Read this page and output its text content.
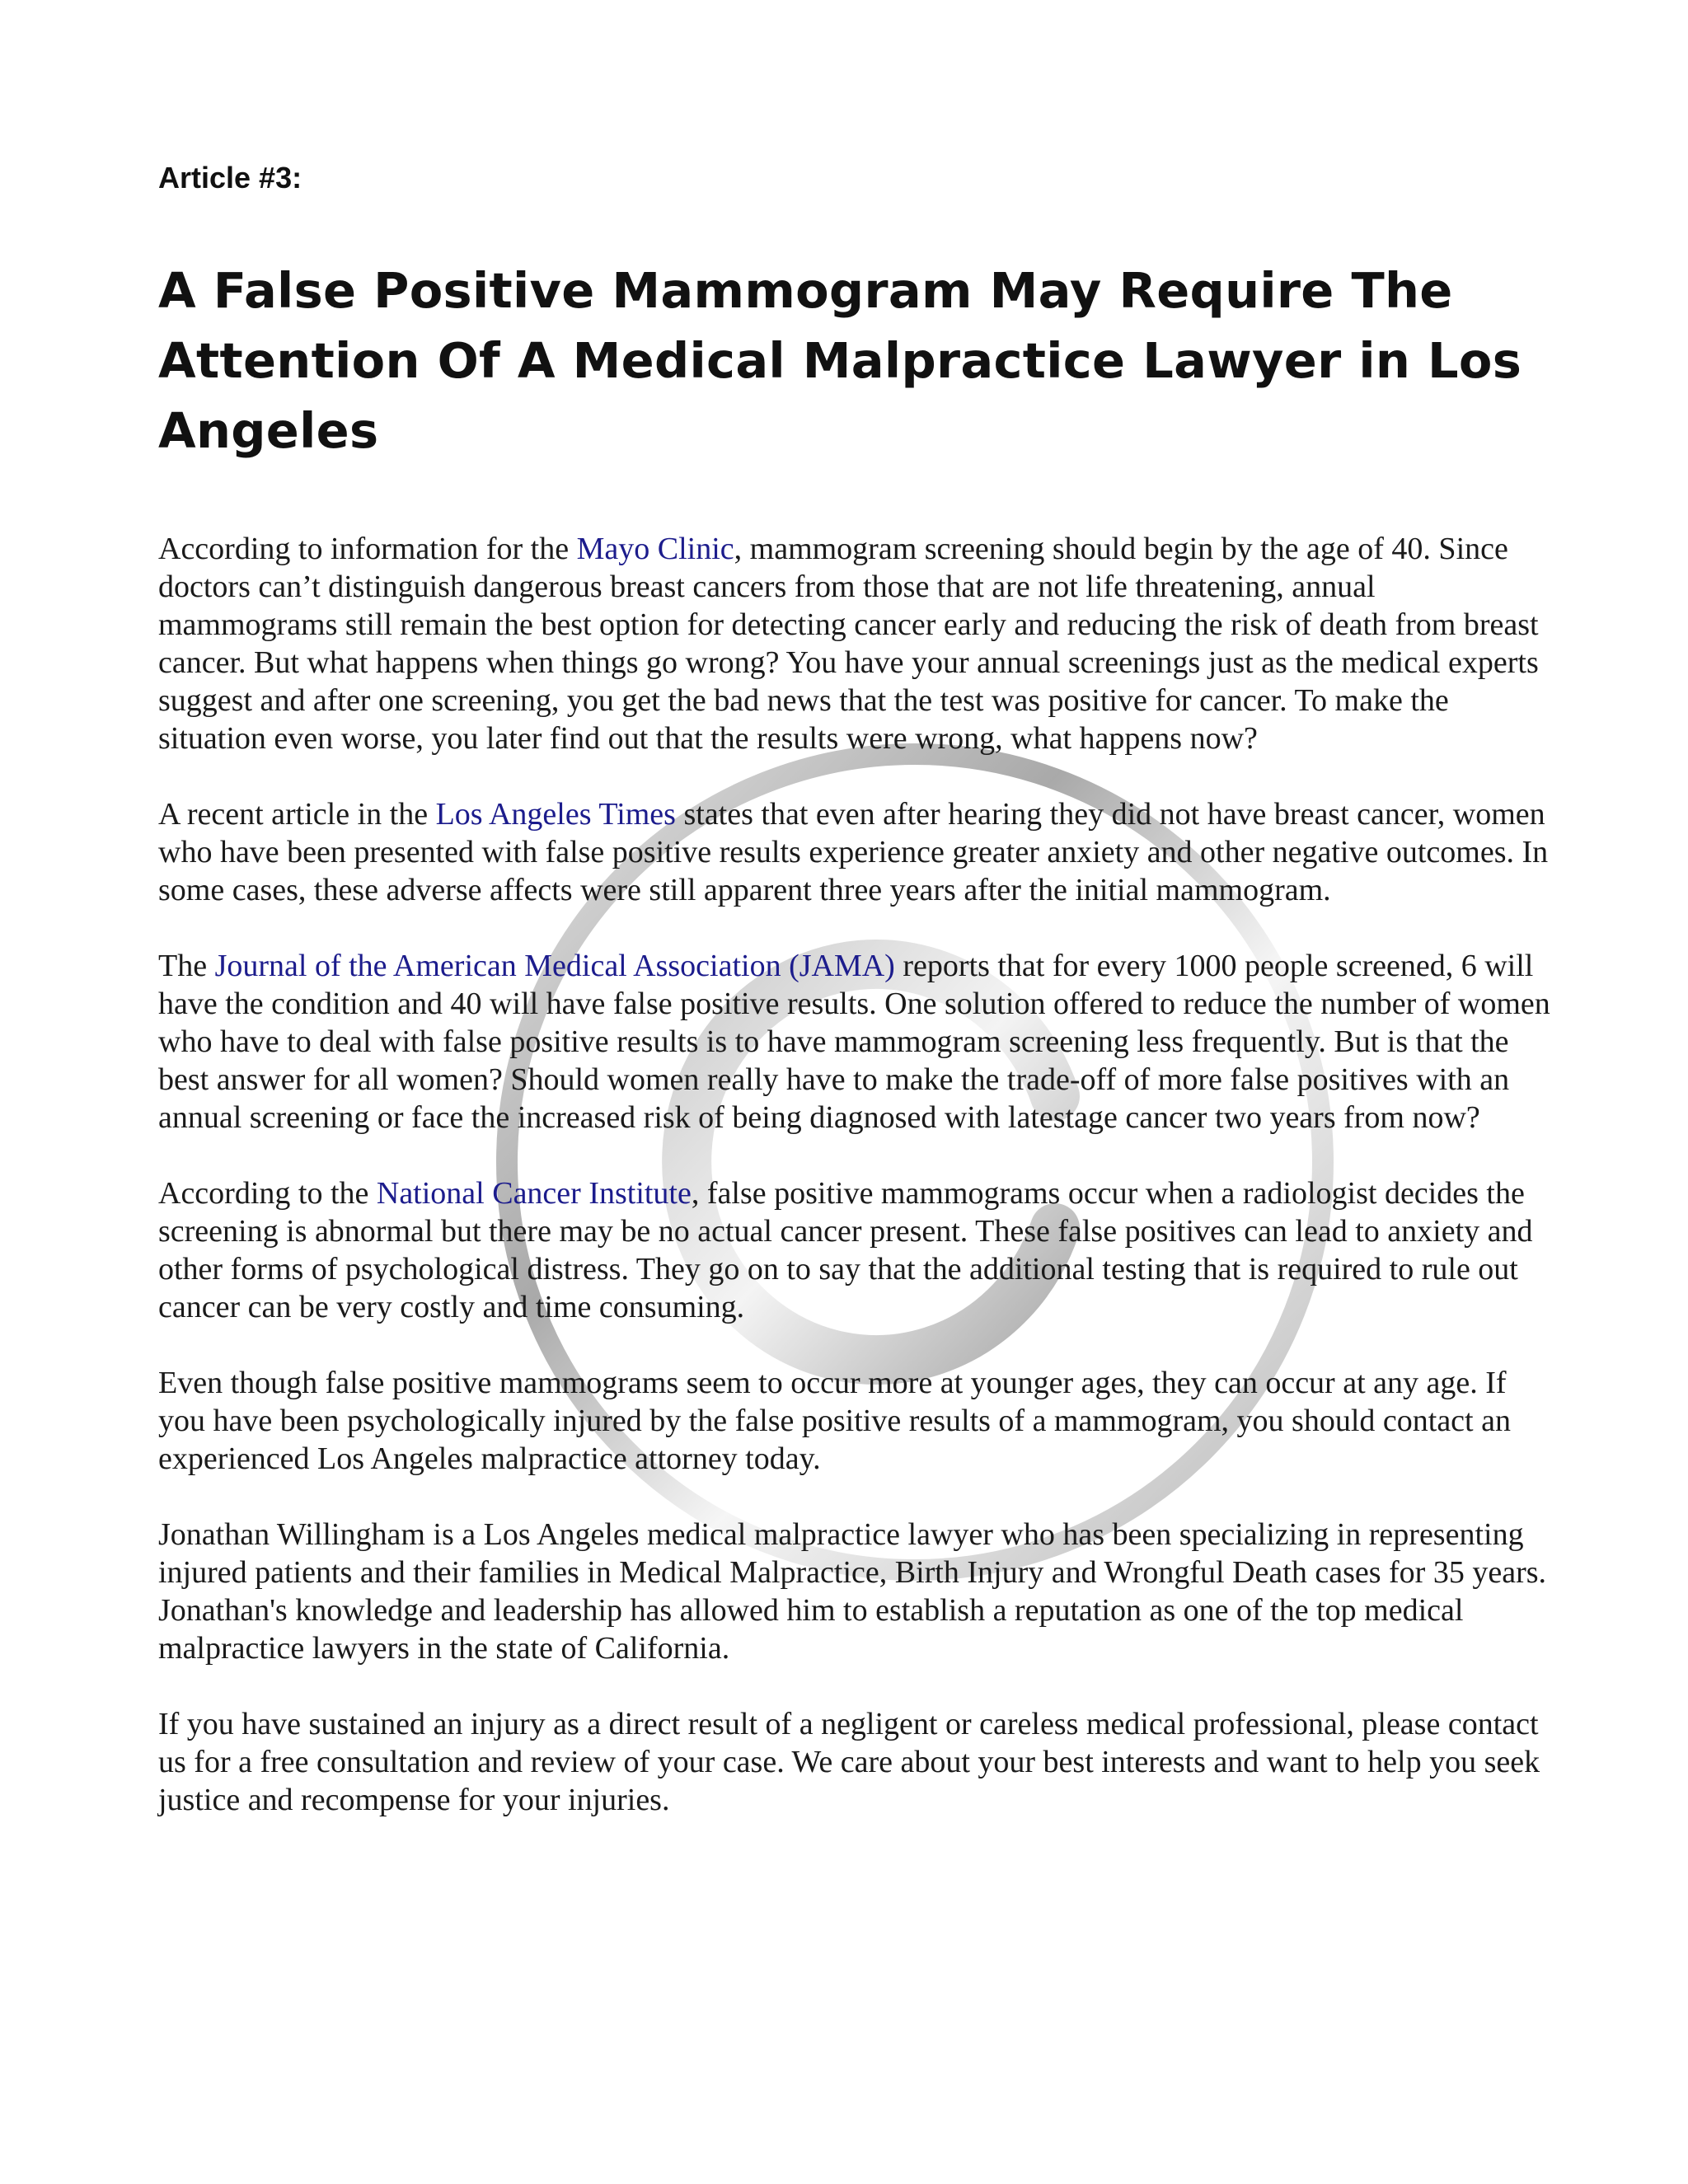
Article #3:

A False Positive Mammogram May Require The Attention Of A Medical Malpractice Lawyer in Los Angeles

According to information for the Mayo Clinic, mammogram screening should begin by the age of 40. Since doctors can’t distinguish dangerous breast cancers from those that are not life threatening, annual mammograms still remain the best option for detecting cancer early and reducing the risk of death from breast cancer. But what happens when things go wrong? You have your annual screenings just as the medical experts suggest and after one screening, you get the bad news that the test was positive for cancer. To make the situation even worse, you later find out that the results were wrong, what happens now?

A recent article in the Los Angeles Times states that even after hearing they did not have breast cancer, women who have been presented with false positive results experience greater anxiety and other negative outcomes. In some cases, these adverse affects were still apparent three years after the initial mammogram.

The Journal of the American Medical Association (JAMA) reports that for every 1000 people screened, 6 will have the condition and 40 will have false positive results. One solution offered to reduce the number of women who have to deal with false positive results is to have mammogram screening less frequently. But is that the best answer for all women? Should women really have to make the trade-off of more false positives with an annual screening or face the increased risk of being diagnosed with latestage cancer two years from now?

According to the National Cancer Institute, false positive mammograms occur when a radiologist decides the screening is abnormal but there may be no actual cancer present. These false positives can lead to anxiety and other forms of psychological distress. They go on to say that the additional testing that is required to rule out cancer can be very costly and time consuming.

Even though false positive mammograms seem to occur more at younger ages, they can occur at any age. If you have been psychologically injured by the false positive results of a mammogram, you should contact an experienced Los Angeles malpractice attorney today.

Jonathan Willingham is a Los Angeles medical malpractice lawyer who has been specializing in representing injured patients and their families in Medical Malpractice, Birth Injury and Wrongful Death cases for 35 years. Jonathan's knowledge and leadership has allowed him to establish a reputation as one of the top medical malpractice lawyers in the state of California.

If you have sustained an injury as a direct result of a negligent or careless medical professional, please contact us for a free consultation and review of your case. We care about your best interests and want to help you seek justice and recompense for your injuries.
